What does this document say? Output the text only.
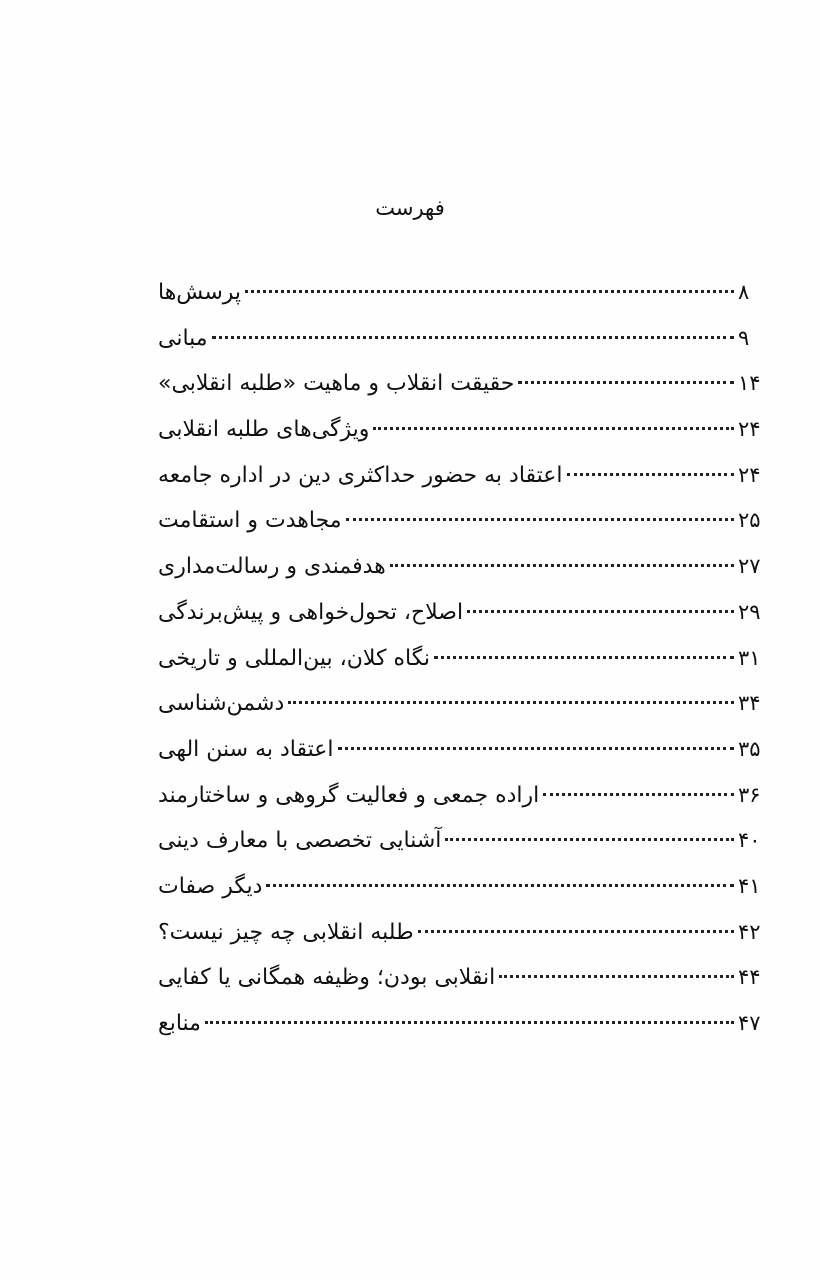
فهرست
پرسش‌ها	۸
مبانی	۹
حقیقت انقلاب و ماهیت «طلبه انقلابی»	۱۴
ویژگی‌های طلبه انقلابی	۲۴
اعتقاد به حضور حداکثری دین در اداره جامعه	۲۴
مجاهدت و استقامت	۲۵
هدفمندی و رسالت‌مداری	۲۷
اصلاح، تحول‌خواهی و پیش‌برندگی	۲۹
نگاه کلان، بین‌المللی و تاریخی	۳۱
دشمن‌شناسی	۳۴
اعتقاد به سنن الهی	۳۵
اراده جمعی و فعالیت گروهی و ساختارمند	۳۶
آشنایی تخصصی با معارف دینی	۴۰
دیگر صفات	۴۱
طلبه انقلابی چه چیز نیست؟	۴۲
انقلابی بودن؛ وظیفه همگانی یا کفایی	۴۴
منابع	۴۷
